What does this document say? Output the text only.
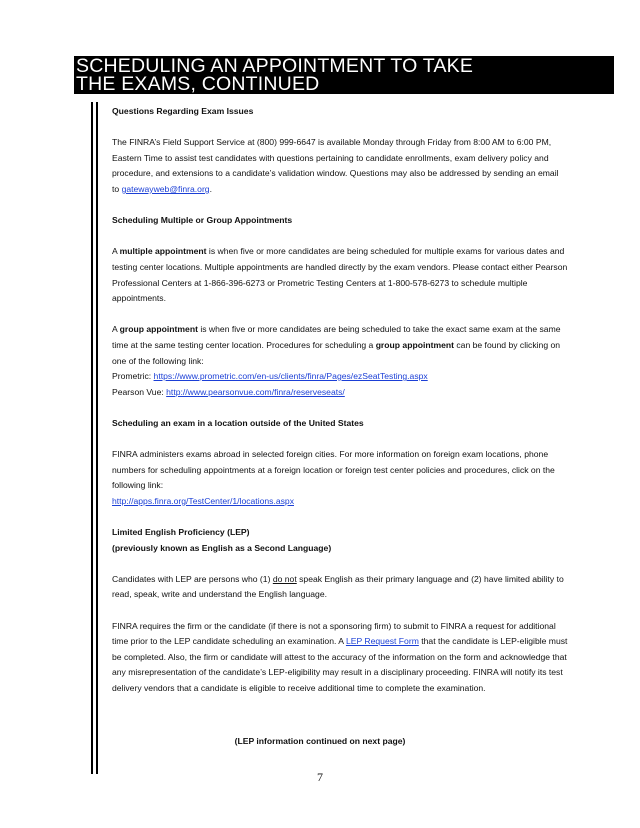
SCHEDULING AN APPOINTMENT TO TAKE
THE EXAMS, CONTINUED

Questions Regarding Exam Issues

The FINRA’s Field Support Service at (800) 999-6647 is available Monday through Friday from 8:00 AM to 6:00 PM, Eastern Time to assist test candidates with questions pertaining to candidate enrollments, exam delivery policy and procedure, and extensions to a candidate’s validation window. Questions may also be addressed by sending an email to gatewayweb@finra.org.

Scheduling Multiple or Group Appointments

A multiple appointment is when five or more candidates are being scheduled for multiple exams for various dates and testing center locations. Multiple appointments are handled directly by the exam vendors. Please contact either Pearson Professional Centers at 1-866-396-6273 or Prometric Testing Centers at 1-800-578-6273 to schedule multiple appointments.

A group appointment is when five or more candidates are being scheduled to take the exact same exam at the same time at the same testing center location. Procedures for scheduling a group appointment can be found by clicking on one of the following link:

Prometric: https://www.prometric.com/en-us/clients/finra/Pages/ezSeatTesting.aspx

Pearson Vue: http://www.pearsonvue.com/finra/reserveseats/

Scheduling an exam in a location outside of the United States

FINRA administers exams abroad in selected foreign cities. For more information on foreign exam locations, phone numbers for scheduling appointments at a foreign location or foreign test center policies and procedures, click on the following link:

http://apps.finra.org/TestCenter/1/locations.aspx

Limited English Proficiency (LEP)

(previously known as English as a Second Language)

Candidates with LEP are persons who (1) do not speak English as their primary language and (2) have limited ability to read, speak, write and understand the English language.

FINRA requires the firm or the candidate (if there is not a sponsoring firm) to submit to FINRA a request for additional time prior to the LEP candidate scheduling an examination. A LEP Request Form that the candidate is LEP-eligible must be completed. Also, the firm or candidate will attest to the accuracy of the information on the form and acknowledge that any misrepresentation of the candidate’s LEP-eligibility may result in a disciplinary proceeding. FINRA will notify its test delivery vendors that a candidate is eligible to receive additional time to complete the examination.

(LEP information continued on next page)
7
